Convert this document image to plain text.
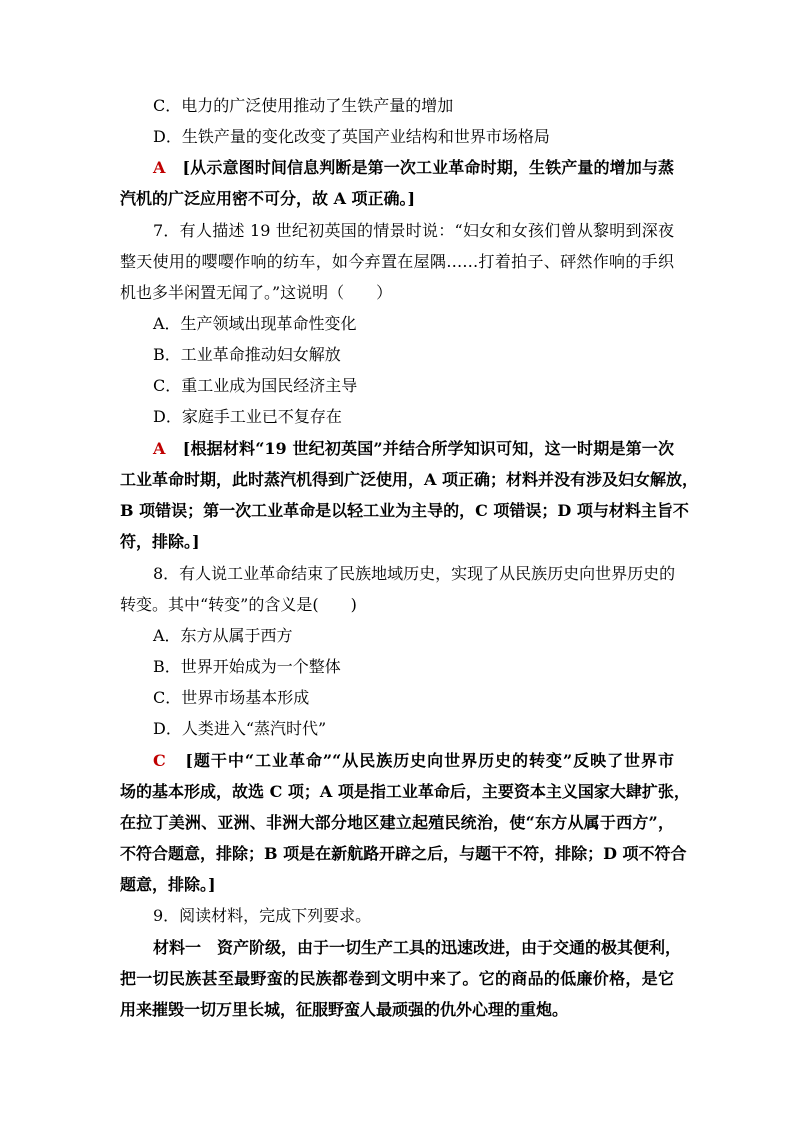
C．电力的广泛使用推动了生铁产量的增加
D．生铁产量的变化改变了英国产业结构和世界市场格局
A [从示意图时间信息判断是第一次工业革命时期，生铁产量的增加与蒸
汽机的广泛应用密不可分，故 A 项正确。]
7．有人描述 19 世纪初英国的情景时说：“妇女和女孩们曾从黎明到深夜
整天使用的嘤嘤作响的纺车，如今弃置在屋隅……打着拍子、砰然作响的手织
机也多半闲置无闻了。”这说明（　　）
A．生产领域出现革命性变化
B．工业革命推动妇女解放
C．重工业成为国民经济主导
D．家庭手工业已不复存在
A [根据材料“19 世纪初英国”并结合所学知识可知，这一时期是第一次
工业革命时期，此时蒸汽机得到广泛使用，A 项正确；材料并没有涉及妇女解放，
B 项错误；第一次工业革命是以轻工业为主导的，C 项错误；D 项与材料主旨不
符，排除。]
8．有人说工业革命结束了民族地域历史，实现了从民族历史向世界历史的
转变。其中“转变”的含义是(　　)
A．东方从属于西方
B．世界开始成为一个整体
C．世界市场基本形成
D．人类进入“蒸汽时代”
C [题干中“工业革命”“从民族历史向世界历史的转变”反映了世界市
场的基本形成，故选 C 项；A 项是指工业革命后，主要资本主义国家大肆扩张，
在拉丁美洲、亚洲、非洲大部分地区建立起殖民统治，使“东方从属于西方”，
不符合题意，排除；B 项是在新航路开辟之后，与题干不符，排除；D 项不符合
题意，排除。]
9．阅读材料，完成下列要求。
材料一　资产阶级，由于一切生产工具的迅速改进，由于交通的极其便利，
把一切民族甚至最野蛮的民族都卷到文明中来了。它的商品的低廉价格，是它
用来摧毁一切万里长城，征服野蛮人最顽强的仇外心理的重炮。
